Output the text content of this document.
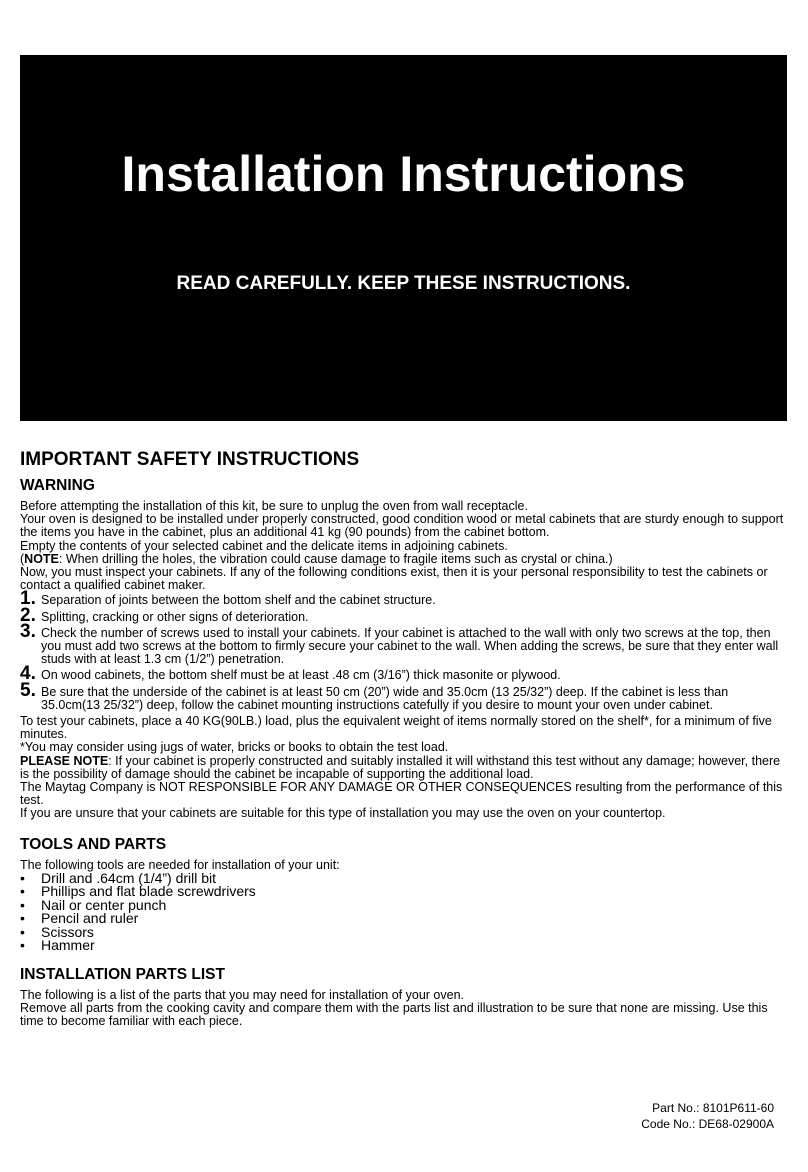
Installation Instructions
READ CAREFULLY. KEEP THESE INSTRUCTIONS.
IMPORTANT SAFETY INSTRUCTIONS
WARNING

Before attempting the installation of this kit, be sure to unplug the oven from wall receptacle.

Your oven is designed to be installed under properly constructed, good condition wood or metal cabinets that are sturdy enough to support the items you have in the cabinet, plus an additional 41 kg (90 pounds) from the cabinet bottom.

Empty the contents of your selected cabinet and the delicate items in adjoining cabinets.

(NOTE: When drilling the holes, the vibration could cause damage to fragile items such as crystal or china.)

Now, you must inspect your cabinets. If any of the following conditions exist, then it is your personal responsibility to test the cabinets or contact a qualified cabinet maker.

1. Separation of joints between the bottom shelf and the cabinet structure.
2. Splitting, cracking or other signs of deterioration.
3. Check the number of screws used to install your cabinets. If your cabinet is attached to the wall with only two screws at the top, then you must add two screws at the bottom to firmly secure your cabinet to the wall. When adding the screws, be sure that they enter wall studs with at least 1.3 cm (1/2”) penetration.
4. On wood cabinets, the bottom shelf must be at least .48 cm (3/16”) thick masonite or plywood.
5. Be sure that the underside of the cabinet is at least 50 cm (20”) wide and 35.0cm (13 25/32”) deep. If the cabinet is less than 35.0cm(13 25/32”) deep, follow the cabinet mounting instructions catefully if you desire to mount your oven under cabinet.

To test your cabinets, place a 40 KG(90LB.) load, plus the equivalent weight of items normally stored on the shelf*, for a minimum of five minutes.

*You may consider using jugs of water, bricks or books to obtain the test load.

PLEASE NOTE: If your cabinet is properly constructed and suitably installed it will withstand this test without any damage; however, there is the possibility of damage should the cabinet be incapable of supporting the additional load.

The Maytag Company is NOT RESPONSIBLE FOR ANY DAMAGE OR OTHER CONSEQUENCES resulting from the performance of this test.

If you are unsure that your cabinets are suitable for this type of installation you may use the oven on your countertop.

TOOLS AND PARTS

The following tools are needed for installation of your unit:

• Drill and .64cm (1/4”) drill bit
• Phillips and flat blade screwdrivers
• Nail or center punch
• Pencil and ruler
• Scissors
• Hammer
INSTALLATION PARTS LIST

The following is a list of the parts that you may need for installation of your oven.

Remove all parts from the cooking cavity and compare them with the parts list and illustration to be sure that none are missing. Use this time to become familiar with each piece.

Part No.: 8101P611-60
Code No.: DE68-02900A
